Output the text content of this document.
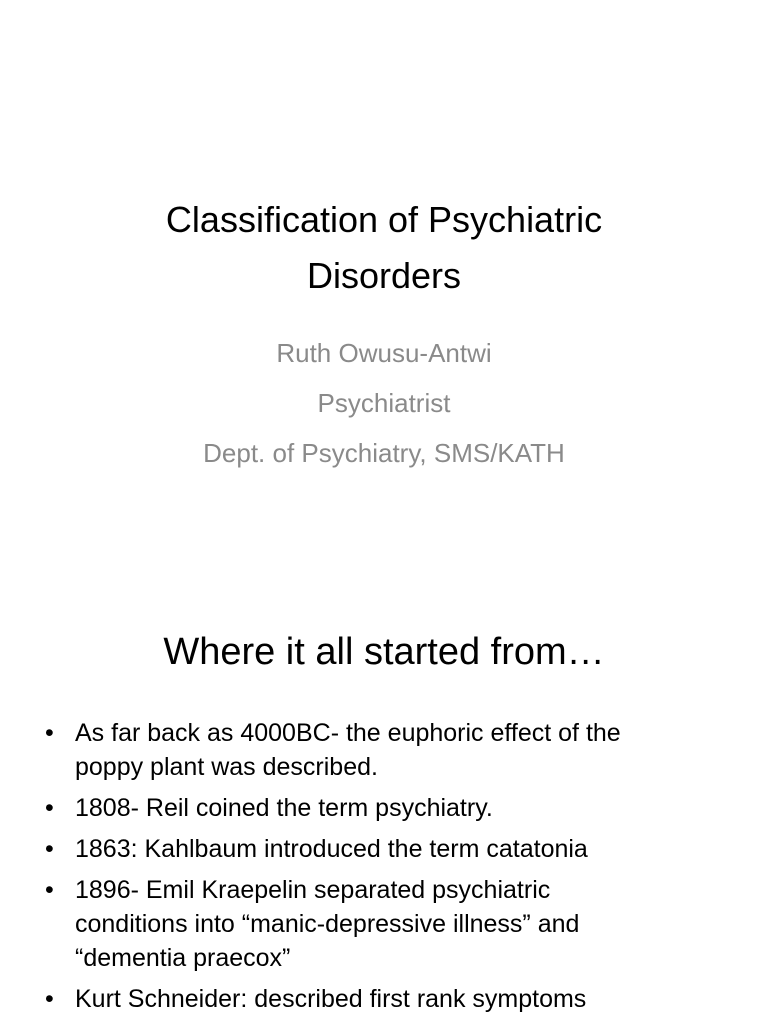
Classification of Psychiatric
Disorders
Ruth Owusu-Antwi
Psychiatrist
Dept. of Psychiatry, SMS/KATH
Where it all started from…
• As far back as 4000BC- the euphoric effect of the
poppy plant was described.
• 1808- Reil coined the term psychiatry.
• 1863: Kahlbaum introduced the term catatonia
• 1896- Emil Kraepelin separated psychiatric
conditions into “manic-depressive illness” and
“dementia praecox”
• Kurt Schneider: described first rank symptoms
